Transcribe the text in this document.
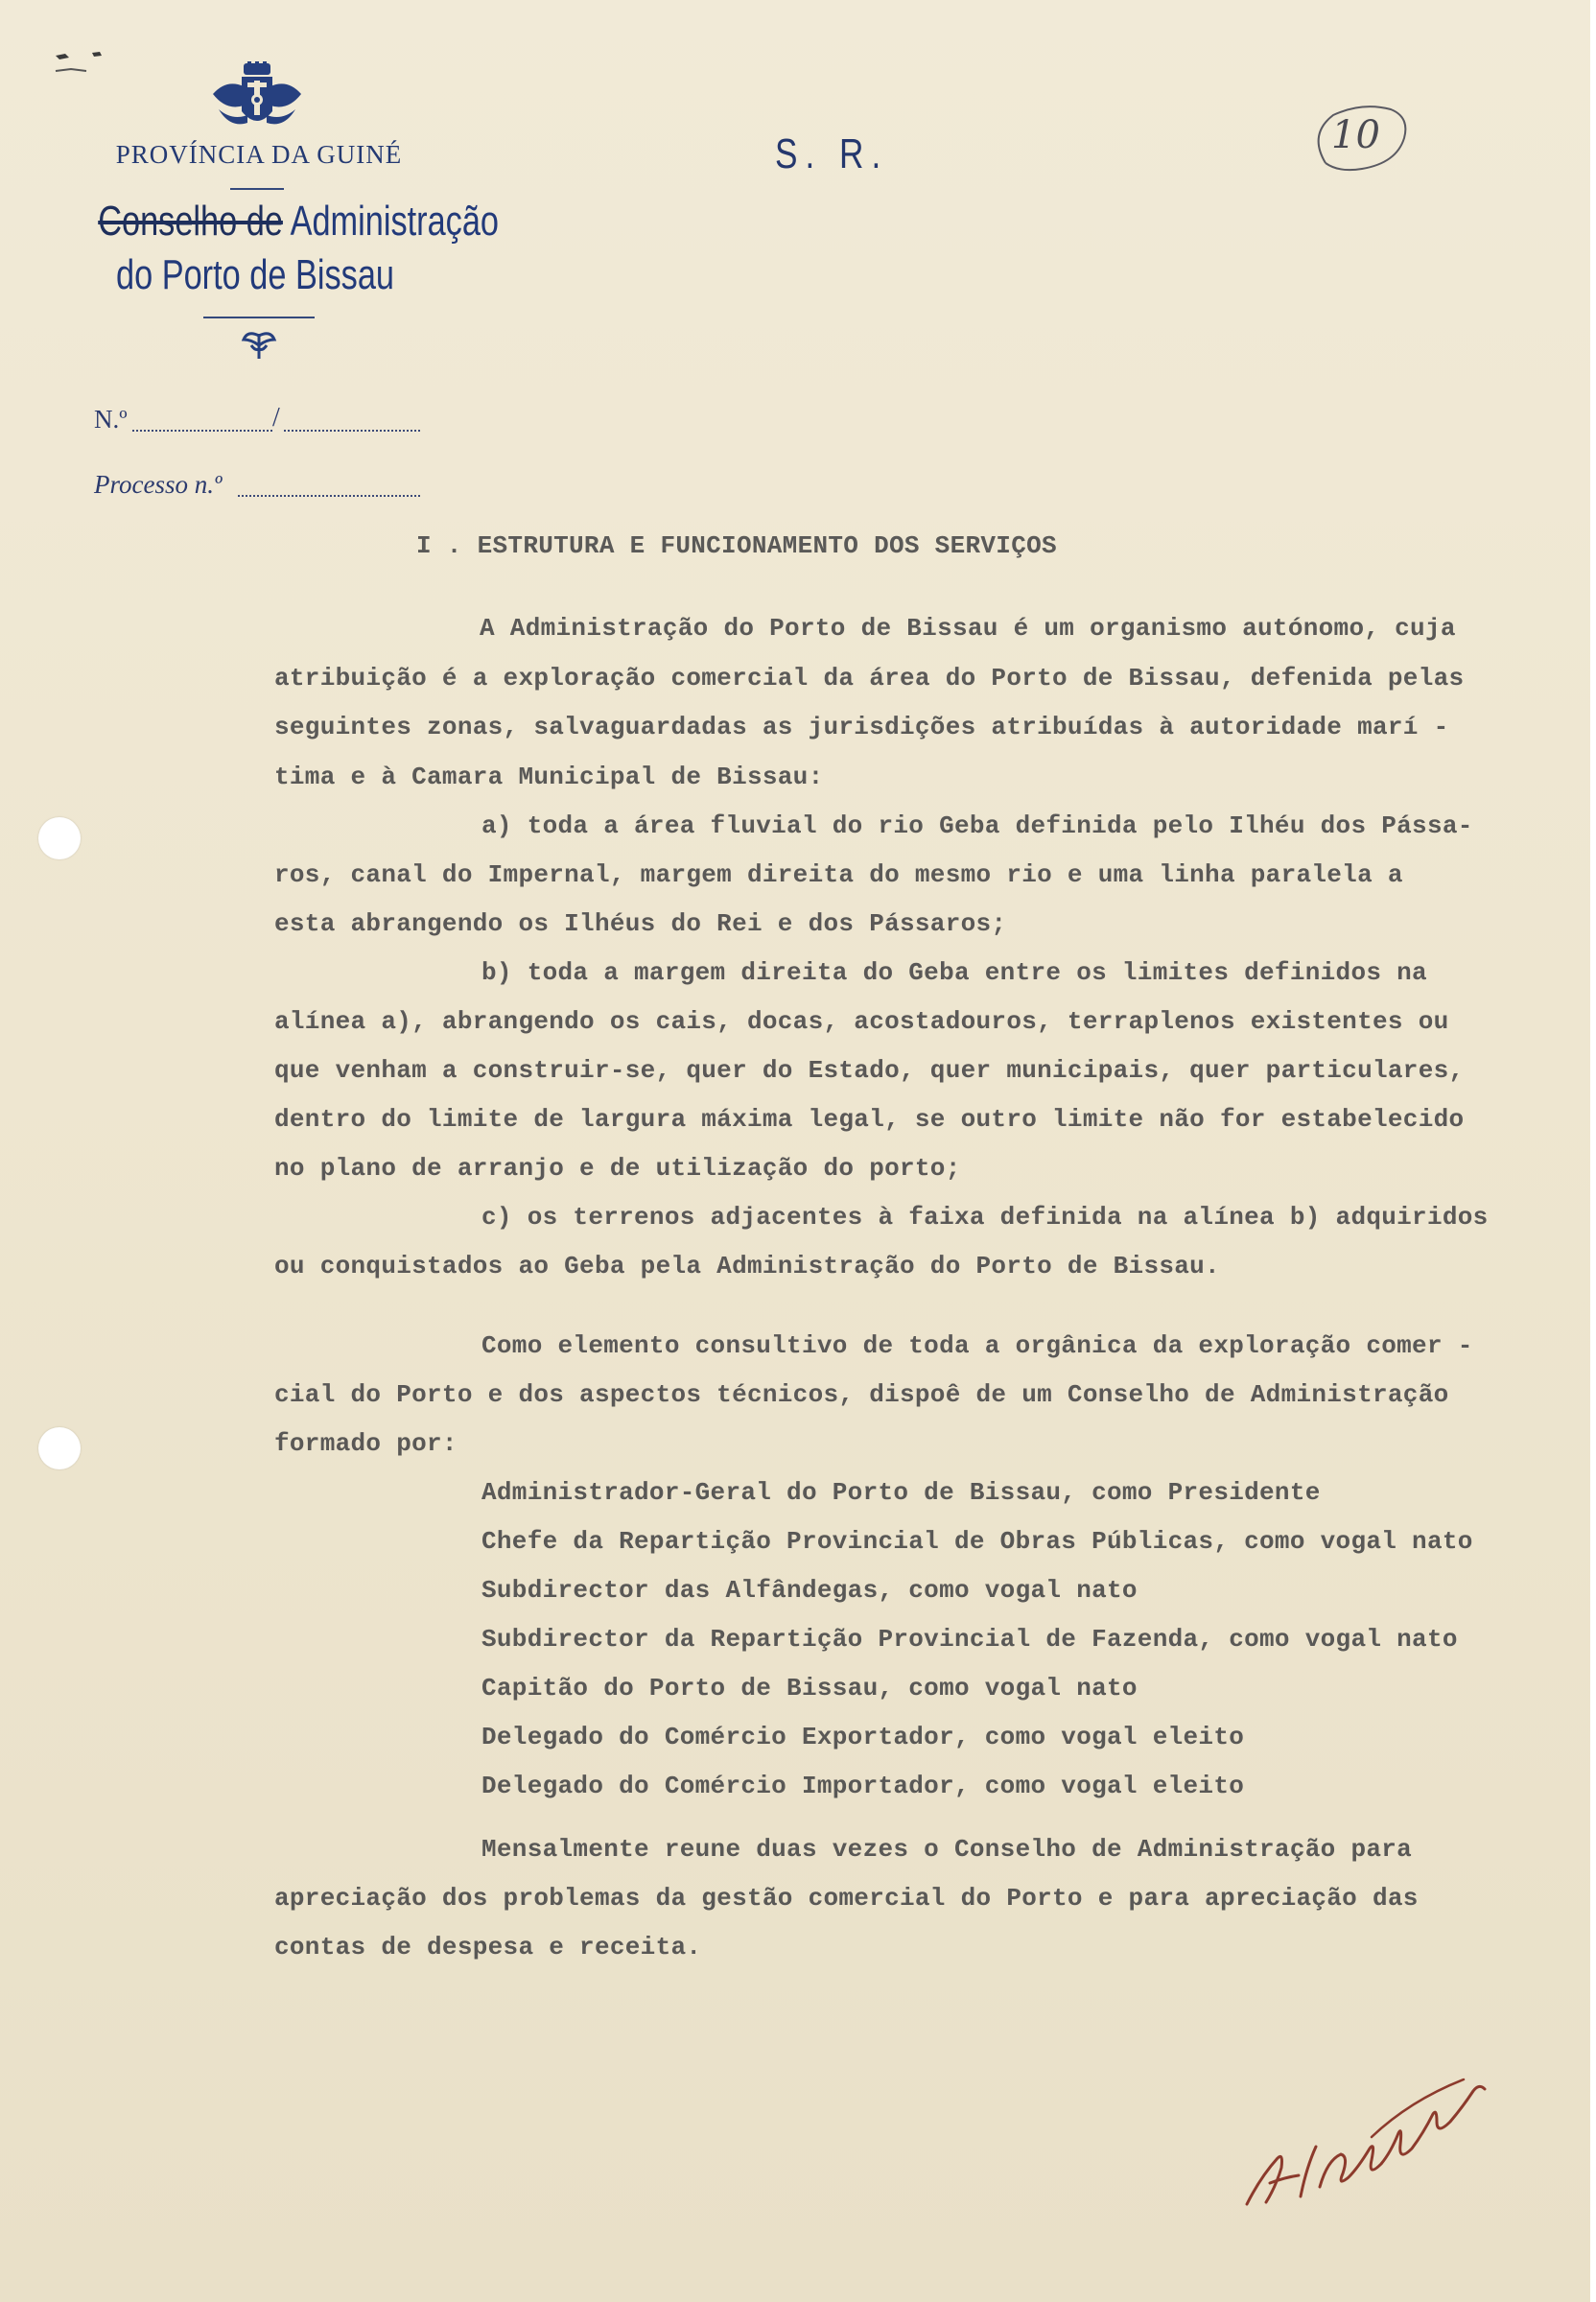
PROVÍNCIA DA GUINÉ
Conselho de Administração
do Porto de Bissau
S. R.	10
N.º	/
Processo n.º
I . ESTRUTURA E FUNCIONAMENTO DOS SERVIÇOS
A Administração do Porto de Bissau é um organismo autónomo, cuja
atribuição é a exploração comercial da área do Porto de Bissau, defenida pelas
seguintes zonas, salvaguardadas as jurisdições atribuídas à autoridade marí -
tima e à Camara Municipal de Bissau:
a) toda a área fluvial do rio Geba definida pelo Ilhéu dos Pássa-
ros, canal do Impernal, margem direita do mesmo rio e uma linha paralela a
esta abrangendo os Ilhéus do Rei e dos Pássaros;
b) toda a margem direita do Geba entre os limites definidos na
alínea a), abrangendo os cais, docas, acostadouros, terraplenos existentes ou
que venham a construir-se, quer do Estado, quer municipais, quer particulares,
dentro do limite de largura máxima legal, se outro limite não for estabelecido
no plano de arranjo e de utilização do porto;
c) os terrenos adjacentes à faixa definida na alínea b) adquiridos
ou conquistados ao Geba pela Administração do Porto de Bissau.
Como elemento consultivo de toda a orgânica da exploração comer -
cial do Porto e dos aspectos técnicos, dispoê de um Conselho de Administração
formado por:
Administrador-Geral do Porto de Bissau, como Presidente
Chefe da Repartição Provincial de Obras Públicas, como vogal nato
Subdirector das Alfândegas, como vogal nato
Subdirector da Repartição Provincial de Fazenda, como vogal nato
Capitão do Porto de Bissau, como vogal nato
Delegado do Comércio Exportador, como vogal eleito
Delegado do Comércio Importador, como vogal eleito
Mensalmente reune duas vezes o Conselho de Administração para
apreciação dos problemas da gestão comercial do Porto e para apreciação das
contas de despesa e receita.
